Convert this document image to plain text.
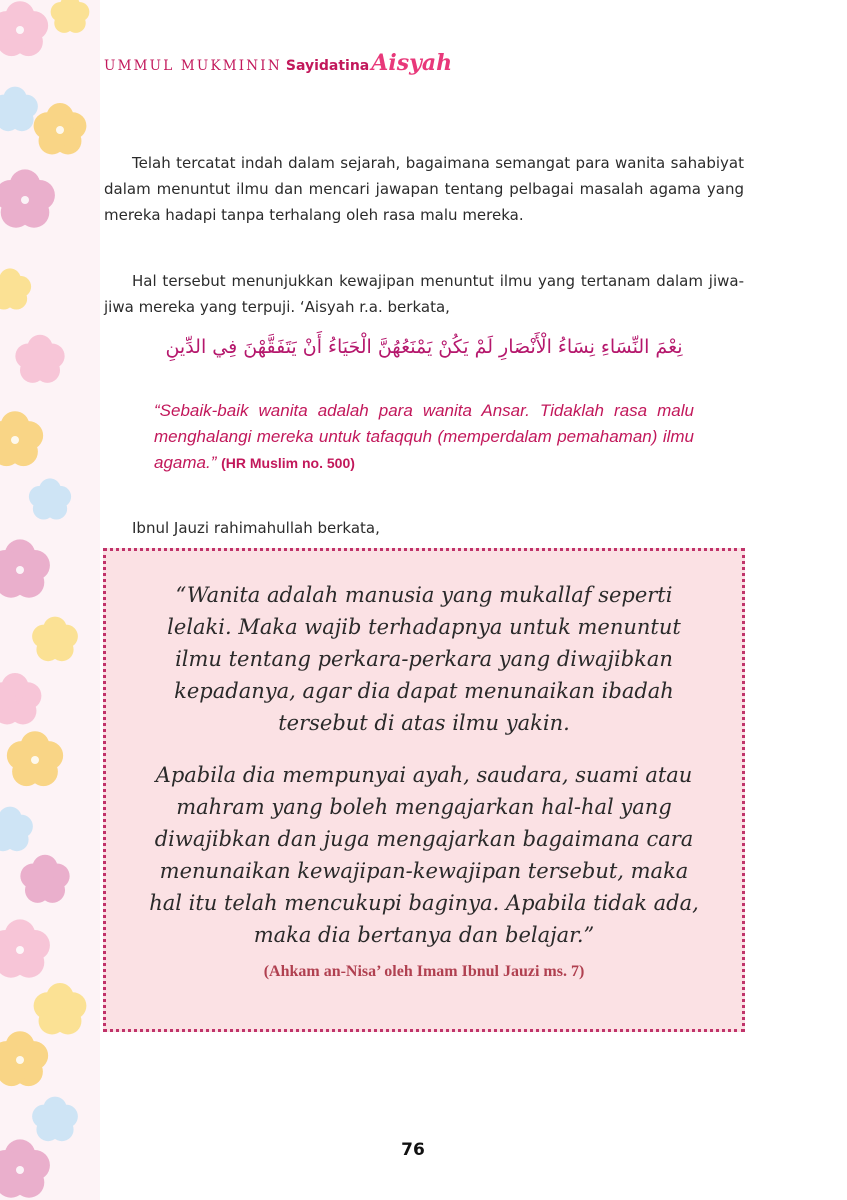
UMMUL MUKMININ SayidatinaAisyah

Telah tercatat indah dalam sejarah, bagaimana semangat para wanita sahabiyat dalam menuntut ilmu dan mencari jawapan tentang pelbagai masalah agama yang mereka hadapi tanpa terhalang oleh rasa malu mereka.

Hal tersebut menunjukkan kewajipan menuntut ilmu yang tertanam dalam jiwa-jiwa mereka yang terpuji. ‘Aisyah r.a. berkata,

نِعْمَ النِّسَاءِ نِسَاءُ الْأَنْصَارِ لَمْ يَكُنْ يَمْنَعُهُنَّ الْحَيَاءُ أَنْ يَتَفَقَّهْنَ فِي الدِّينِ

“Sebaik-baik wanita adalah para wanita Ansar. Tidaklah rasa malu menghalangi mereka untuk tafaqquh (memperdalam pemahaman) ilmu agama.” (HR Muslim no. 500)

Ibnul Jauzi rahimahullah berkata,

“Wanita adalah manusia yang mukallaf seperti lelaki. Maka wajib terhadapnya untuk menuntut ilmu tentang perkara-perkara yang diwajibkan kepadanya, agar dia dapat menunaikan ibadah tersebut di atas ilmu yakin.

Apabila dia mempunyai ayah, saudara, suami atau mahram yang boleh mengajarkan hal-hal yang diwajibkan dan juga mengajarkan bagaimana cara menunaikan kewajipan-kewajipan tersebut, maka hal itu telah mencukupi baginya. Apabila tidak ada, maka dia bertanya dan belajar.”

(Ahkam an-Nisa’ oleh Imam Ibnul Jauzi ms. 7)

76
